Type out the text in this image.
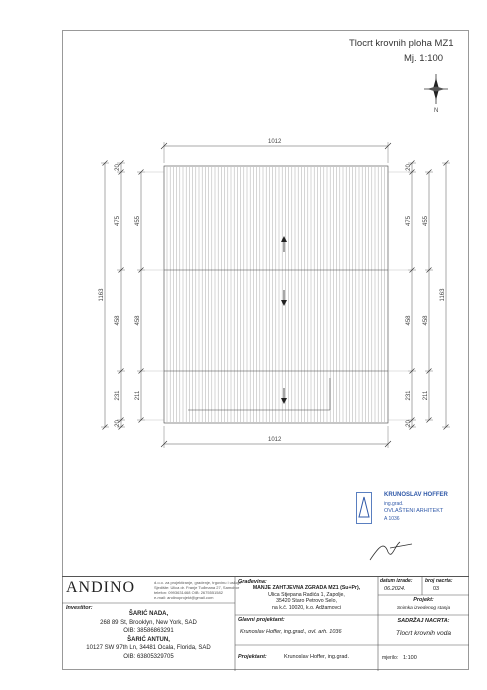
Tlocrt krovnih ploha MZ1
Mj. 1:100
N
1012
1012
20
475
458
231
20
455
458
211
20
475
458
231
20
455
458
211
1163	1163
KRUNOSLAV HOFFER
ing.grad.
OVLAŠTENI ARHITEKT
A 1036
ANDINO	d.o.o. za projektiranje, gradenje, trgovinu i usluge
Sjedište: Ulica dr. Franje Tuđmana 27, Samobor
telefon: 0993631468 OIB: 2675551582
e-mail: andinoprojekt@gmail.com
Investitor:
ŠARIĆ NADA,
268 89 St, Brooklyn, New York, SAD
OIB: 38586863291
ŠARIĆ ANTUN,
10127 SW 97th Ln, 34481 Ocala, Florida, SAD
OIB: 63805329705
Građevina:
MANJE ZAHTJEVNA ZGRADA MZ1 (Su+Pr),
Ulica Stjepana Radića 1, Zapolje,
35420 Staro Petrovo Selo,
na k.č. 10020, k.o. Adžamovci
Glavni projektant:
Krunoslav Hoffer, ing.grad., ovl. arh. 1036
Projektant:	Krunoslav Hoffer, ing.grad.
datum izrade:
06.2024.
broj nacrta:
03
Projekt:
Snimka izvedenog stanja
SADRŽAJ NACRTA:
Tlocrt krovnih voda
mjerilo: 1:100
